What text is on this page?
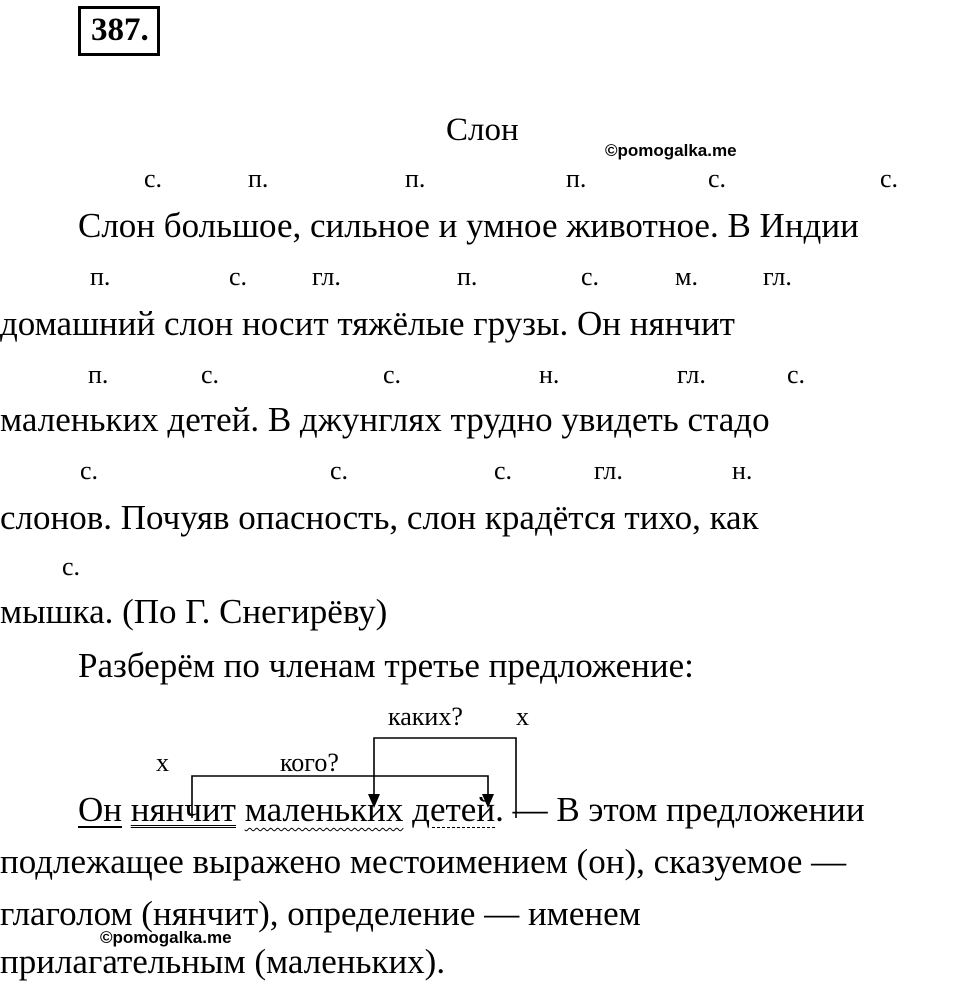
387.
Слон
©pomogalka.me
с.	п.	п.	п.	с.	с.
Слон большое, сильное и умное животное. В Индии
п.	с. гл.	п.	с.	м.	гл.
домашний слон носит тяжёлые грузы. Он нянчит
п.	с.	с.	н.	гл.	с.
маленьких детей. В джунглях трудно увидеть стадо
с.	с.	с.	гл.	н.
слонов. Почуяв опасность, слон крадётся тихо, как
с.
мышка. (По Г. Снегирёву)
Разберём по членам третье предложение:
каких? х
х	кого?
Он нянчит маленьких детей. — В этом предложении
подлежащее выражено местоимением (он), сказуемое —
глаголом (нянчит), определение — именем
©pomogalka.me
прилагательным (маленьких).
